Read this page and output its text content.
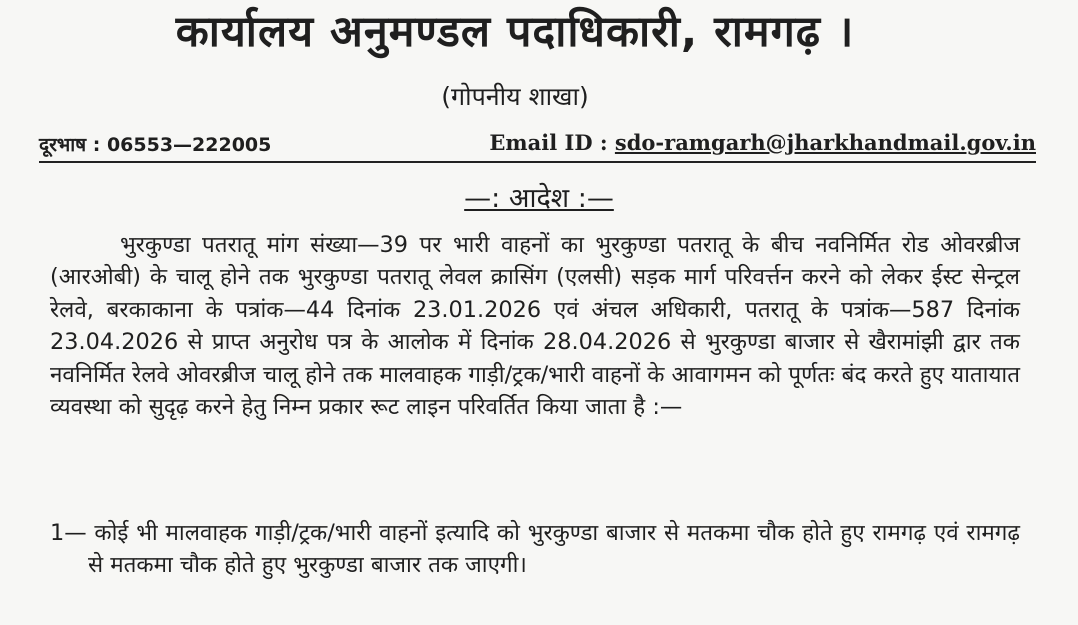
कार्यालय अनुमण्डल पदाधिकारी, रामगढ़ ।
(गोपनीय शाखा)
दूरभाष : 06553—222005	Email ID : sdo-ramgarh@jharkhandmail.gov.in
—: आदेश :—

भुरकुण्डा पतरातू मांग संख्या—39 पर भारी वाहनों का भुरकुण्डा पतरातू के बीच नवनिर्मित रोड ओवरब्रीज (आरओबी) के चालू होने तक भुरकुण्डा पतरातू लेवल क्रासिंग (एलसी) सड़क मार्ग परिवर्त्तन करने को लेकर ईस्ट सेन्ट्रल रेलवे, बरकाकाना के पत्रांक—44 दिनांक 23.01.2026 एवं अंचल अधिकारी, पतरातू के पत्रांक—587 दिनांक 23.04.2026 से प्राप्त अनुरोध पत्र के आलोक में दिनांक 28.04.2026 से भुरकुण्डा बाजार से खैरामांझी द्वार तक नवनिर्मित रेलवे ओवरब्रीज चालू होने तक मालवाहक गाड़ी/ट्रक/भारी वाहनों के आवागमन को पूर्णतः बंद करते हुए यातायात व्यवस्था को सुदृढ़ करने हेतु निम्न प्रकार रूट लाइन परिवर्तित किया जाता है :—

1— कोई भी मालवाहक गाड़ी/ट्रक/भारी वाहनों इत्यादि को भुरकुण्डा बाजार से मतकमा चौक होते हुए रामगढ़ एवं रामगढ़ से मतकमा चौक होते हुए भुरकुण्डा बाजार तक जाएगी।
